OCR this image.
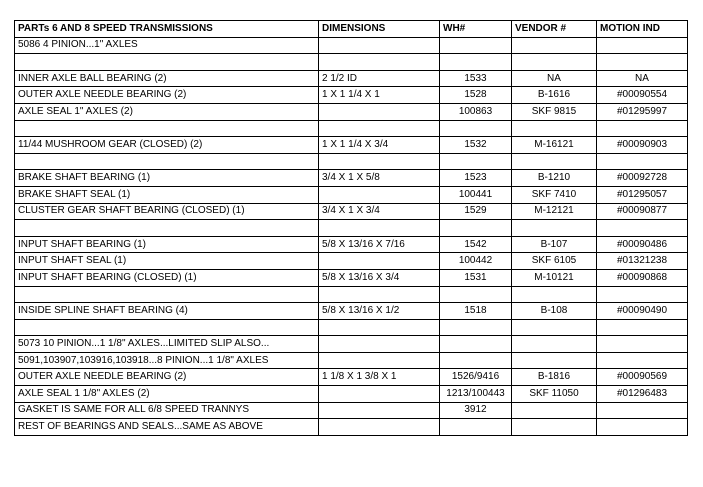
PARTs 6 AND 8 SPEED TRANSMISSIONS	DIMENSIONS	WH#	VENDOR #	MOTION IND
5086 4 PINION...1" AXLES				

INNER AXLE BALL BEARING (2)	2 1/2 ID	1533	NA	NA
OUTER AXLE NEEDLE BEARING (2)	1 X 1 1/4 X 1	1528	B-1616	#00090554
AXLE SEAL 1" AXLES (2)		100863	SKF 9815	#01295997

11/44 MUSHROOM GEAR (CLOSED) (2)	1 X 1 1/4 X 3/4	1532	M-16121	#00090903

BRAKE SHAFT BEARING (1)	3/4 X 1 X 5/8	1523	B-1210	#00092728
BRAKE SHAFT SEAL (1)		100441	SKF 7410	#01295057
CLUSTER GEAR SHAFT BEARING (CLOSED) (1)	3/4 X 1 X 3/4	1529	M-12121	#00090877

INPUT SHAFT BEARING (1)	5/8 X 13/16 X 7/16	1542	B-107	#00090486
INPUT SHAFT SEAL (1)		100442	SKF 6105	#01321238
INPUT SHAFT BEARING (CLOSED) (1)	5/8 X 13/16 X 3/4	1531	M-10121	#00090868

INSIDE SPLINE SHAFT BEARING (4)	5/8 X 13/16 X 1/2	1518	B-108	#00090490

5073 10 PINION...1 1/8" AXLES...LIMITED SLIP ALSO...				
5091,103907,103916,103918...8 PINION...1 1/8" AXLES				
OUTER AXLE NEEDLE BEARING (2)	1 1/8 X 1 3/8 X 1	1526/9416	B-1816	#00090569
AXLE SEAL 1 1/8" AXLES (2)		1213/100443	SKF 11050	#01296483
GASKET IS SAME FOR ALL 6/8 SPEED TRANNYS		3912		
REST OF BEARINGS AND SEALS...SAME AS ABOVE				
